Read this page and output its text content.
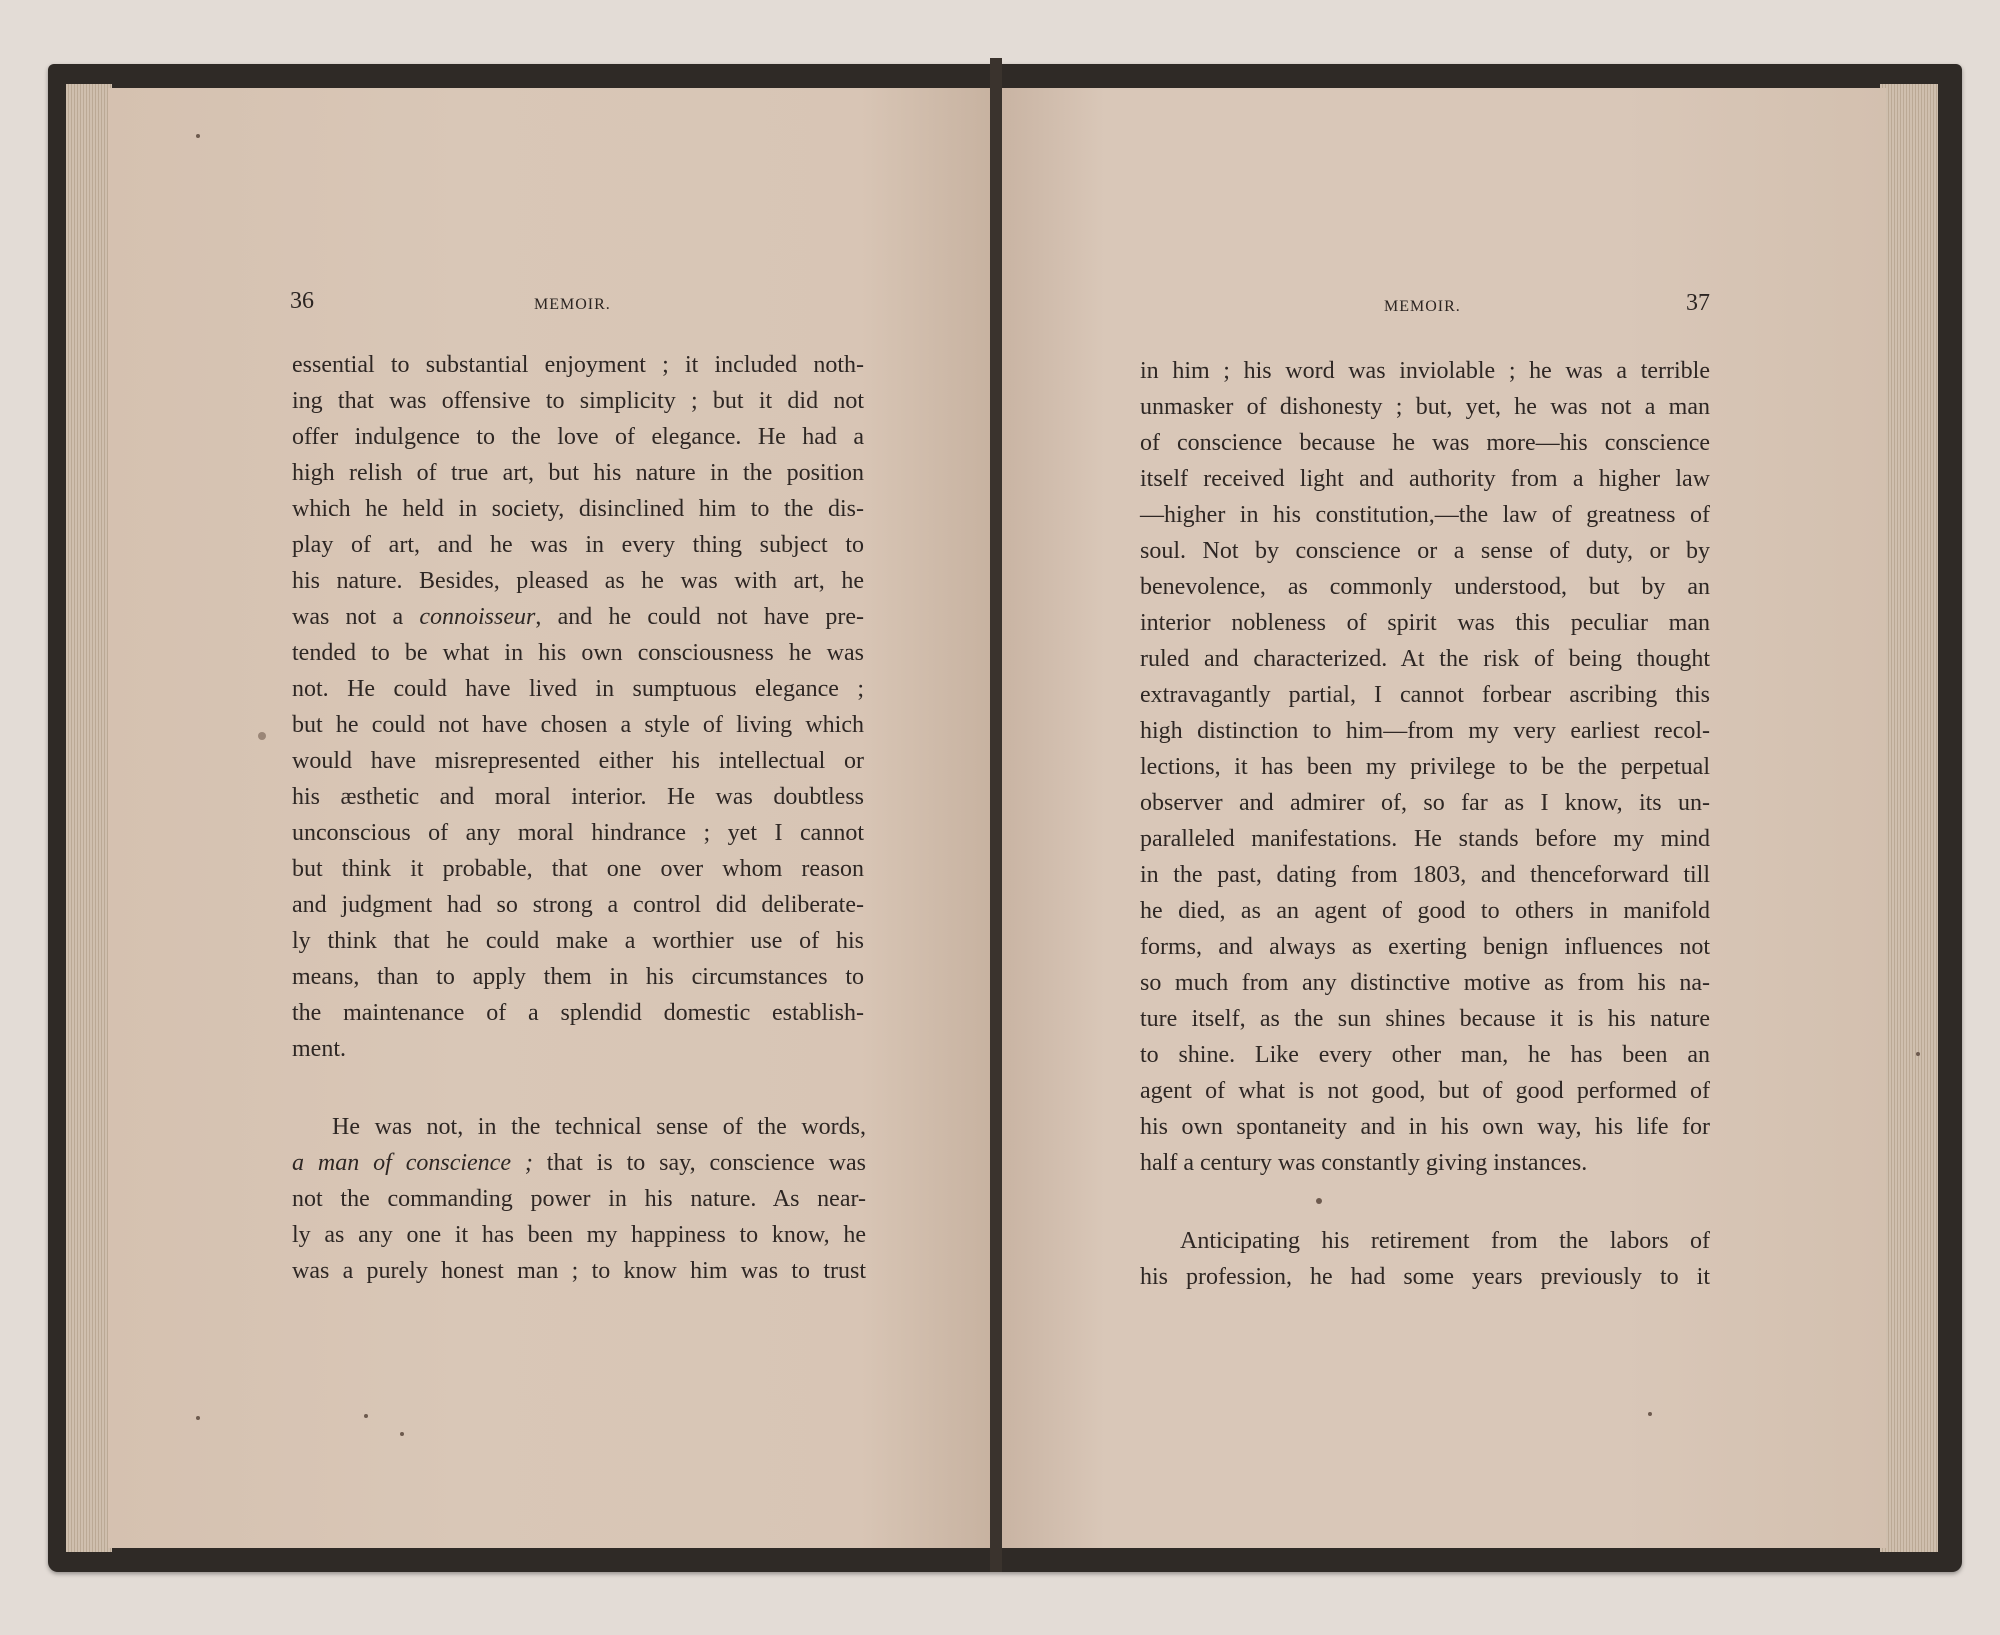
36	MEMOIR.
essential to substantial enjoyment ; it included noth-
ing that was offensive to simplicity ; but it did not
offer indulgence to the love of elegance. He had a
high relish of true art, but his nature in the position
which he held in society, disinclined him to the dis-
play of art, and he was in every thing subject to
his nature. Besides, pleased as he was with art, he
was not a connoisseur, and he could not have pre-
tended to be what in his own consciousness he was
not. He could have lived in sumptuous elegance ;
but he could not have chosen a style of living which
would have misrepresented either his intellectual or
his æsthetic and moral interior. He was doubtless
unconscious of any moral hindrance ; yet I cannot
but think it probable, that one over whom reason
and judgment had so strong a control did deliberate-
ly think that he could make a worthier use of his
means, than to apply them in his circumstances to
the maintenance of a splendid domestic establish-
ment.
He was not, in the technical sense of the words,
a man of conscience ; that is to say, conscience was
not the commanding power in his nature. As near-
ly as any one it has been my happiness to know, he
was a purely honest man ; to know him was to trust
MEMOIR.	37
in him ; his word was inviolable ; he was a terrible
unmasker of dishonesty ; but, yet, he was not a man
of conscience because he was more—his conscience
itself received light and authority from a higher law
—higher in his constitution,—the law of greatness of
soul. Not by conscience or a sense of duty, or by
benevolence, as commonly understood, but by an
interior nobleness of spirit was this peculiar man
ruled and characterized. At the risk of being thought
extravagantly partial, I cannot forbear ascribing this
high distinction to him—from my very earliest recol-
lections, it has been my privilege to be the perpetual
observer and admirer of, so far as I know, its un-
paralleled manifestations. He stands before my mind
in the past, dating from 1803, and thenceforward till
he died, as an agent of good to others in manifold
forms, and always as exerting benign influences not
so much from any distinctive motive as from his na-
ture itself, as the sun shines because it is his nature
to shine. Like every other man, he has been an
agent of what is not good, but of good performed of
his own spontaneity and in his own way, his life for
half a century was constantly giving instances.
Anticipating his retirement from the labors of
his profession, he had some years previously to it
